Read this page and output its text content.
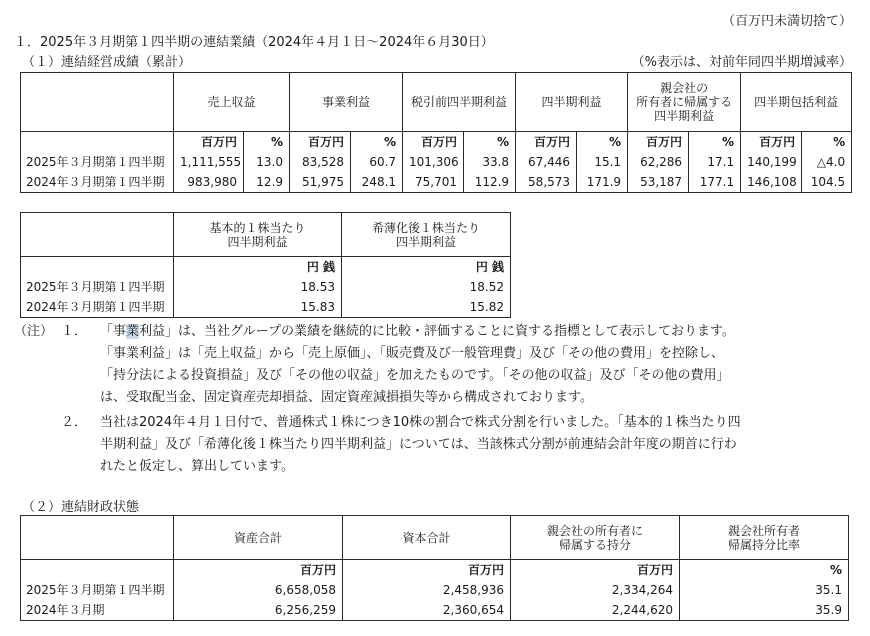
（百万円未満切捨て）
１．2025年３月期第１四半期の連結業績（2024年４月１日～2024年６月30日）
（１）連結経営成績（累計）	（%表示は、対前年同四半期増減率）
	売上収益		事業利益		税引前四半期利益		四半期利益		親会社の
所有者に帰属する
四半期利益		四半期包括利益	
	百万円	%	百万円	%	百万円	%	百万円	%	百万円	%	百万円	%
2025年３月期第１四半期	1,111,555	13.0	83,528	60.7	101,306	33.8	67,446	15.1	62,286	17.1	140,199	△4.0
2024年３月期第１四半期	983,980	12.9	51,975	248.1	75,701	112.9	58,573	171.9	53,187	177.1	146,108	104.5

基本的１株当たり
四半期利益

希薄化後１株当たり
四半期利益

	円 銭	円 銭
2025年３月期第１四半期	18.53	18.52
2024年３月期第１四半期	15.83	15.82
（注） １． 「事業利益」は、当社グループの業績を継続的に比較・評価することに資する指標として表示しております。
「事業利益」は「売上収益」から「売上原価」、「販売費及び一般管理費」及び「その他の費用」を控除し、
「持分法による投資損益」及び「その他の収益」を加えたものです。「その他の収益」及び「その他の費用」
は、受取配当金、固定資産売却損益、固定資産減損損失等から構成されております。
２． 当社は2024年４月１日付で、普通株式１株につき10株の割合で株式分割を行いました。「基本的１株当たり四
半期利益」及び「希薄化後１株当たり四半期利益」については、当該株式分割が前連結会計年度の期首に行わ
れたと仮定し、算出しています。
（２）連結財政状態
	資産合計	資本合計	親会社の所有者に
帰属する持分

親会社所有者
帰属持分比率

	百万円	百万円	百万円	%
2025年３月期第１四半期	6,658,058	2,458,936	2,334,264	35.1
2024年３月期	6,256,259	2,360,654	2,244,620	35.9
